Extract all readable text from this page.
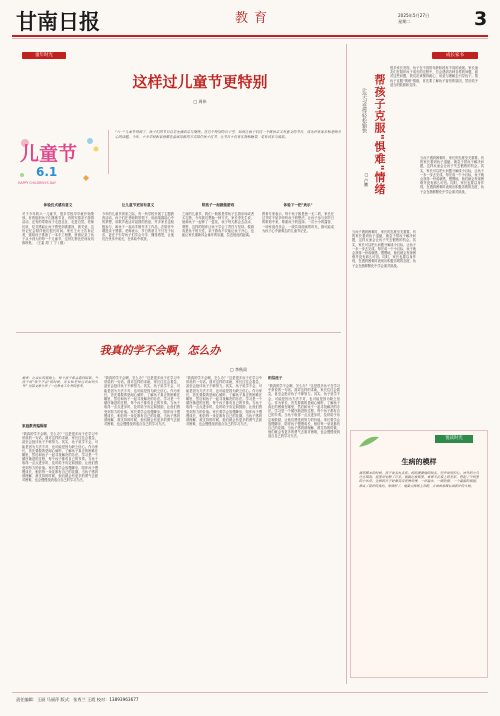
甘南日报	教育	2025年5月27日
星期二	3
童年时光
这样过儿童节更特别
□ 周伟
儿童节
6.1
HAPPY CHILDREN'S DAY
"六一"儿童节将到了，孩子们的节日总是充满欢乐与期待。在这个特别的日子里，如何让孩子们过一个既快乐又有意义的节日，成为许多家长和老师关心的话题。今年，不少学校和家庭都在尝试用新的方式陪伴孩子过节，让节日不仅有礼物和糖果，更有成长与收获。
体验仪式感有意义	让儿童节更加有意义	陪孩子一起做做游戏	体验下一把"欢乐"
对于今年的六一儿童节，很多学校早早就开始策划。有的组织孩子们排练节目，有的安排亲子游园活动，还有的带领孩子走进社区、走进自然。老师们说，仪式感能让孩子感受到被重视、被关爱，这份记忆会陪伴他们很长时间。家长王女士告诉记者，她给孩子准备了一本手工相册，里面记录了孩子从小到大的每一个儿童节，这份礼物比任何玩具都珍贵。（王素 胡 丁 宁 / 摄）
今年的儿童节到来之际，有一所学校开展了主题教育活动，孩子们在老师的带领下，用画笔描绘心中的梦想，用歌声表达对祖国的热爱。许多家长也积极参与，和孩子一起动手制作手工作品，在陪伴中增进亲子感情。老师表示，节日的意义不只在于玩乐，更在于引导孩子们学会分享、懂得感恩，让他们在快乐中成长，在体验中收获。
之前的儿童节，我们一般都是带孩子去游乐场或者买礼物，今年我们想换一种方式。家长李先生说，他和孩子一起种了一盆花，孩子每天都会去浇水、观察，这样的陪伴让孩子学会了责任与坚持。做游戏是孩子的天性，亲子游戏不仅能让孩子开心，也能让家长重新体会童年的乐趣，拉近彼此的距离。
教育专家表示，每个孩子都是独一无二的，家长在过节时不妨多听听孩子的想法，让孩子参与到节日的策划中来，尊重孩子的选择。一次小小的露营、一场家庭音乐会、一段共同阅读的时光，都可能成为孩子心中最难忘的儿童节记忆。
我真的学不会啊，怎么办
□ 李秋雨
编者：在成长的道路上，每个孩子都会遇到困难。当孩子说"我学不会"的时候，家长和老师应该如何引导？这篇文章分享了一位教育工作者的思考。
家庭教育编辑部
"我真的学不会啊，怎么办？"这是很多孩子在学习中常说的一句话。面对这样的求助，家长往往会着急，甚至会批评孩子不够努力。其实，孩子说学不会，可能是因为方法不对，也可能是因为缺乏信心。作为家长，首先要做的是耐心倾听，了解孩子真正的困难在哪里，然后和孩子一起寻找解决的办法。学习是一个循序渐进的过程，每个孩子都有自己的节奏。当孩子取得一点点进步时，及时给予肯定和鼓励，让他们感受到努力的价值。家长要学会放慢脚步，陪伴孩子慢慢成长，相信每一朵花都有自己的花期。当孩子感到被理解、被支持的时候，他们就会有更多的勇气去面对困难，也会慢慢找到适合自己的学习方法。
"我真的学不会啊，怎么办？"这是很多孩子在学习中常说的一句话。面对这样的求助，家长往往会着急，甚至会批评孩子不够努力。其实，孩子说学不会，可能是因为方法不对，也可能是因为缺乏信心。作为家长，首先要做的是耐心倾听，了解孩子真正的困难在哪里，然后和孩子一起寻找解决的办法。学习是一个循序渐进的过程，每个孩子都有自己的节奏。当孩子取得一点点进步时，及时给予肯定和鼓励，让他们感受到努力的价值。家长要学会放慢脚步，陪伴孩子慢慢成长，相信每一朵花都有自己的花期。当孩子感到被理解、被支持的时候，他们就会有更多的勇气去面对困难，也会慢慢找到适合自己的学习方法。
"我真的学不会啊，怎么办？"这是很多孩子在学习中常说的一句话。面对这样的求助，家长往往会着急，甚至会批评孩子不够努力。其实，孩子说学不会，可能是因为方法不对，也可能是因为缺乏信心。作为家长，首先要做的是耐心倾听，了解孩子真正的困难在哪里，然后和孩子一起寻找解决的办法。学习是一个循序渐进的过程，每个孩子都有自己的节奏。当孩子取得一点点进步时，及时给予肯定和鼓励，让他们感受到努力的价值。家长要学会放慢脚步，陪伴孩子慢慢成长，相信每一朵花都有自己的花期。当孩子感到被理解、被支持的时候，他们就会有更多的勇气去面对困难，也会慢慢找到适合自己的学习方法。
相信孩子
"我真的学不会啊，怎么办？"这是很多孩子在学习中常说的一句话。面对这样的求助，家长往往会着急，甚至会批评孩子不够努力。其实，孩子说学不会，可能是因为方法不对，也可能是因为缺乏信心。作为家长，首先要做的是耐心倾听，了解孩子真正的困难在哪里，然后和孩子一起寻找解决的办法。学习是一个循序渐进的过程，每个孩子都有自己的节奏。当孩子取得一点点进步时，及时给予肯定和鼓励，让他们感受到努力的价值。家长要学会放慢脚步，陪伴孩子慢慢成长，相信每一朵花都有自己的花期。当孩子感到被理解、被支持的时候，他们就会有更多的勇气去面对困难，也会慢慢找到适合自己的学习方法。
成长家书
很多家长发现，孩子在不同的年龄阶段有不同的表现。家长朋友们在陪伴孩子成长的过程中，总会遇到各种各样的问题，面对这些问题，我们应该保持耐心，用爱与理解去引导孩子。帮孩子克服"惧难"情绪，首先要了解孩子害怕的原因，然后给予适当的鼓励和支持。
帮孩子克服"惧难"情绪
让学习变得轻松愉快
□ 卢鹏
当孩子遇到困难时，家长的态度至关重要。有的家长看到孩子退缩，就急于替孩子解决问题，这样反而会让孩子失去锻炼的机会。其实，家长可以把大问题分解成小目标，让孩子一步一步去完成。每完成一个小目标，孩子就会获得一份成就感，慢慢地，他们就会发现困难并没有那么可怕。同时，家长也要以身作则，在遇到困难时表现出积极乐观的态度，孩子会在潜移默化中学会面对挑战。
当孩子遇到困难时，家长的态度至关重要。有的家长看到孩子退缩，就急于替孩子解决问题，这样反而会让孩子失去锻炼的机会。其实，家长可以把大问题分解成小目标，让孩子一步一步去完成。每完成一个小目标，孩子就会获得一份成就感，慢慢地，他们就会发现困难并没有那么可怕。同时，家长也要以身作则，在遇到困难时表现出积极乐观的态度，孩子会在潜移默化中学会面对挑战。
悦读时光
生病的模样
清晨醒来的时候，孩子说头有点疼。妈妈摸摸他的额头，轻声说别担心。窗外的小鸟还在唱歌，屋里却安静了许多。他躺在被窝里，看着天花板上的光影，想起了学校里的小伙伴。生病的日子好像变得很慢很慢，一杯温水，一碗热粥，一个温暖的拥抱，都成了最好的良药。等病好了，他要去操场上奔跑，去看看那棵长满新叶的大树。
责任编辑：王丽 马丽萍 版式：张秀兰 王霞 校对：13893963677
